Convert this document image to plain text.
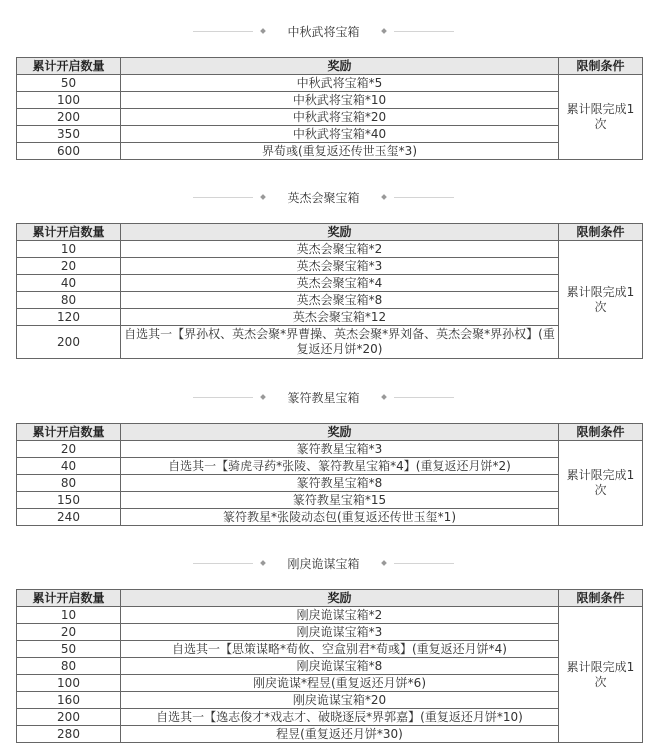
中秋武将宝箱
累计开启数量	奖励	限制条件
50	中秋武将宝箱*5	累计限完成1次
100	中秋武将宝箱*10	
200	中秋武将宝箱*20	
350	中秋武将宝箱*40	
600	界荀彧(重复返还传世玉玺*3)	
英杰会聚宝箱
累计开启数量	奖励	限制条件
10	英杰会聚宝箱*2	累计限完成1次
20	英杰会聚宝箱*3	
40	英杰会聚宝箱*4	
80	英杰会聚宝箱*8	
120	英杰会聚宝箱*12	
200	自选其一【界孙权、英杰会聚*界曹操、英杰会聚*界刘备、英杰会聚*界孙权】(重复返还月饼*20)	
篆符教星宝箱
累计开启数量	奖励	限制条件
20	篆符教星宝箱*3	累计限完成1次
40	自选其一【骑虎寻药*张陵、篆符教星宝箱*4】(重复返还月饼*2)	
80	篆符教星宝箱*8	
150	篆符教星宝箱*15	
240	篆符教星*张陵动态包(重复返还传世玉玺*1)	
刚戾诡谋宝箱
累计开启数量	奖励	限制条件
10	刚戾诡谋宝箱*2	累计限完成1次
20	刚戾诡谋宝箱*3	
50	自选其一【思策谋略*荀攸、空盒别君*荀彧】(重复返还月饼*4)	
80	刚戾诡谋宝箱*8	
100	刚戾诡谋*程昱(重复返还月饼*6)	
160	刚戾诡谋宝箱*20	
200	自选其一【逸志俊才*戏志才、破晓逐辰*界郭嘉】(重复返还月饼*10)	
280	程昱(重复返还月饼*30)	
